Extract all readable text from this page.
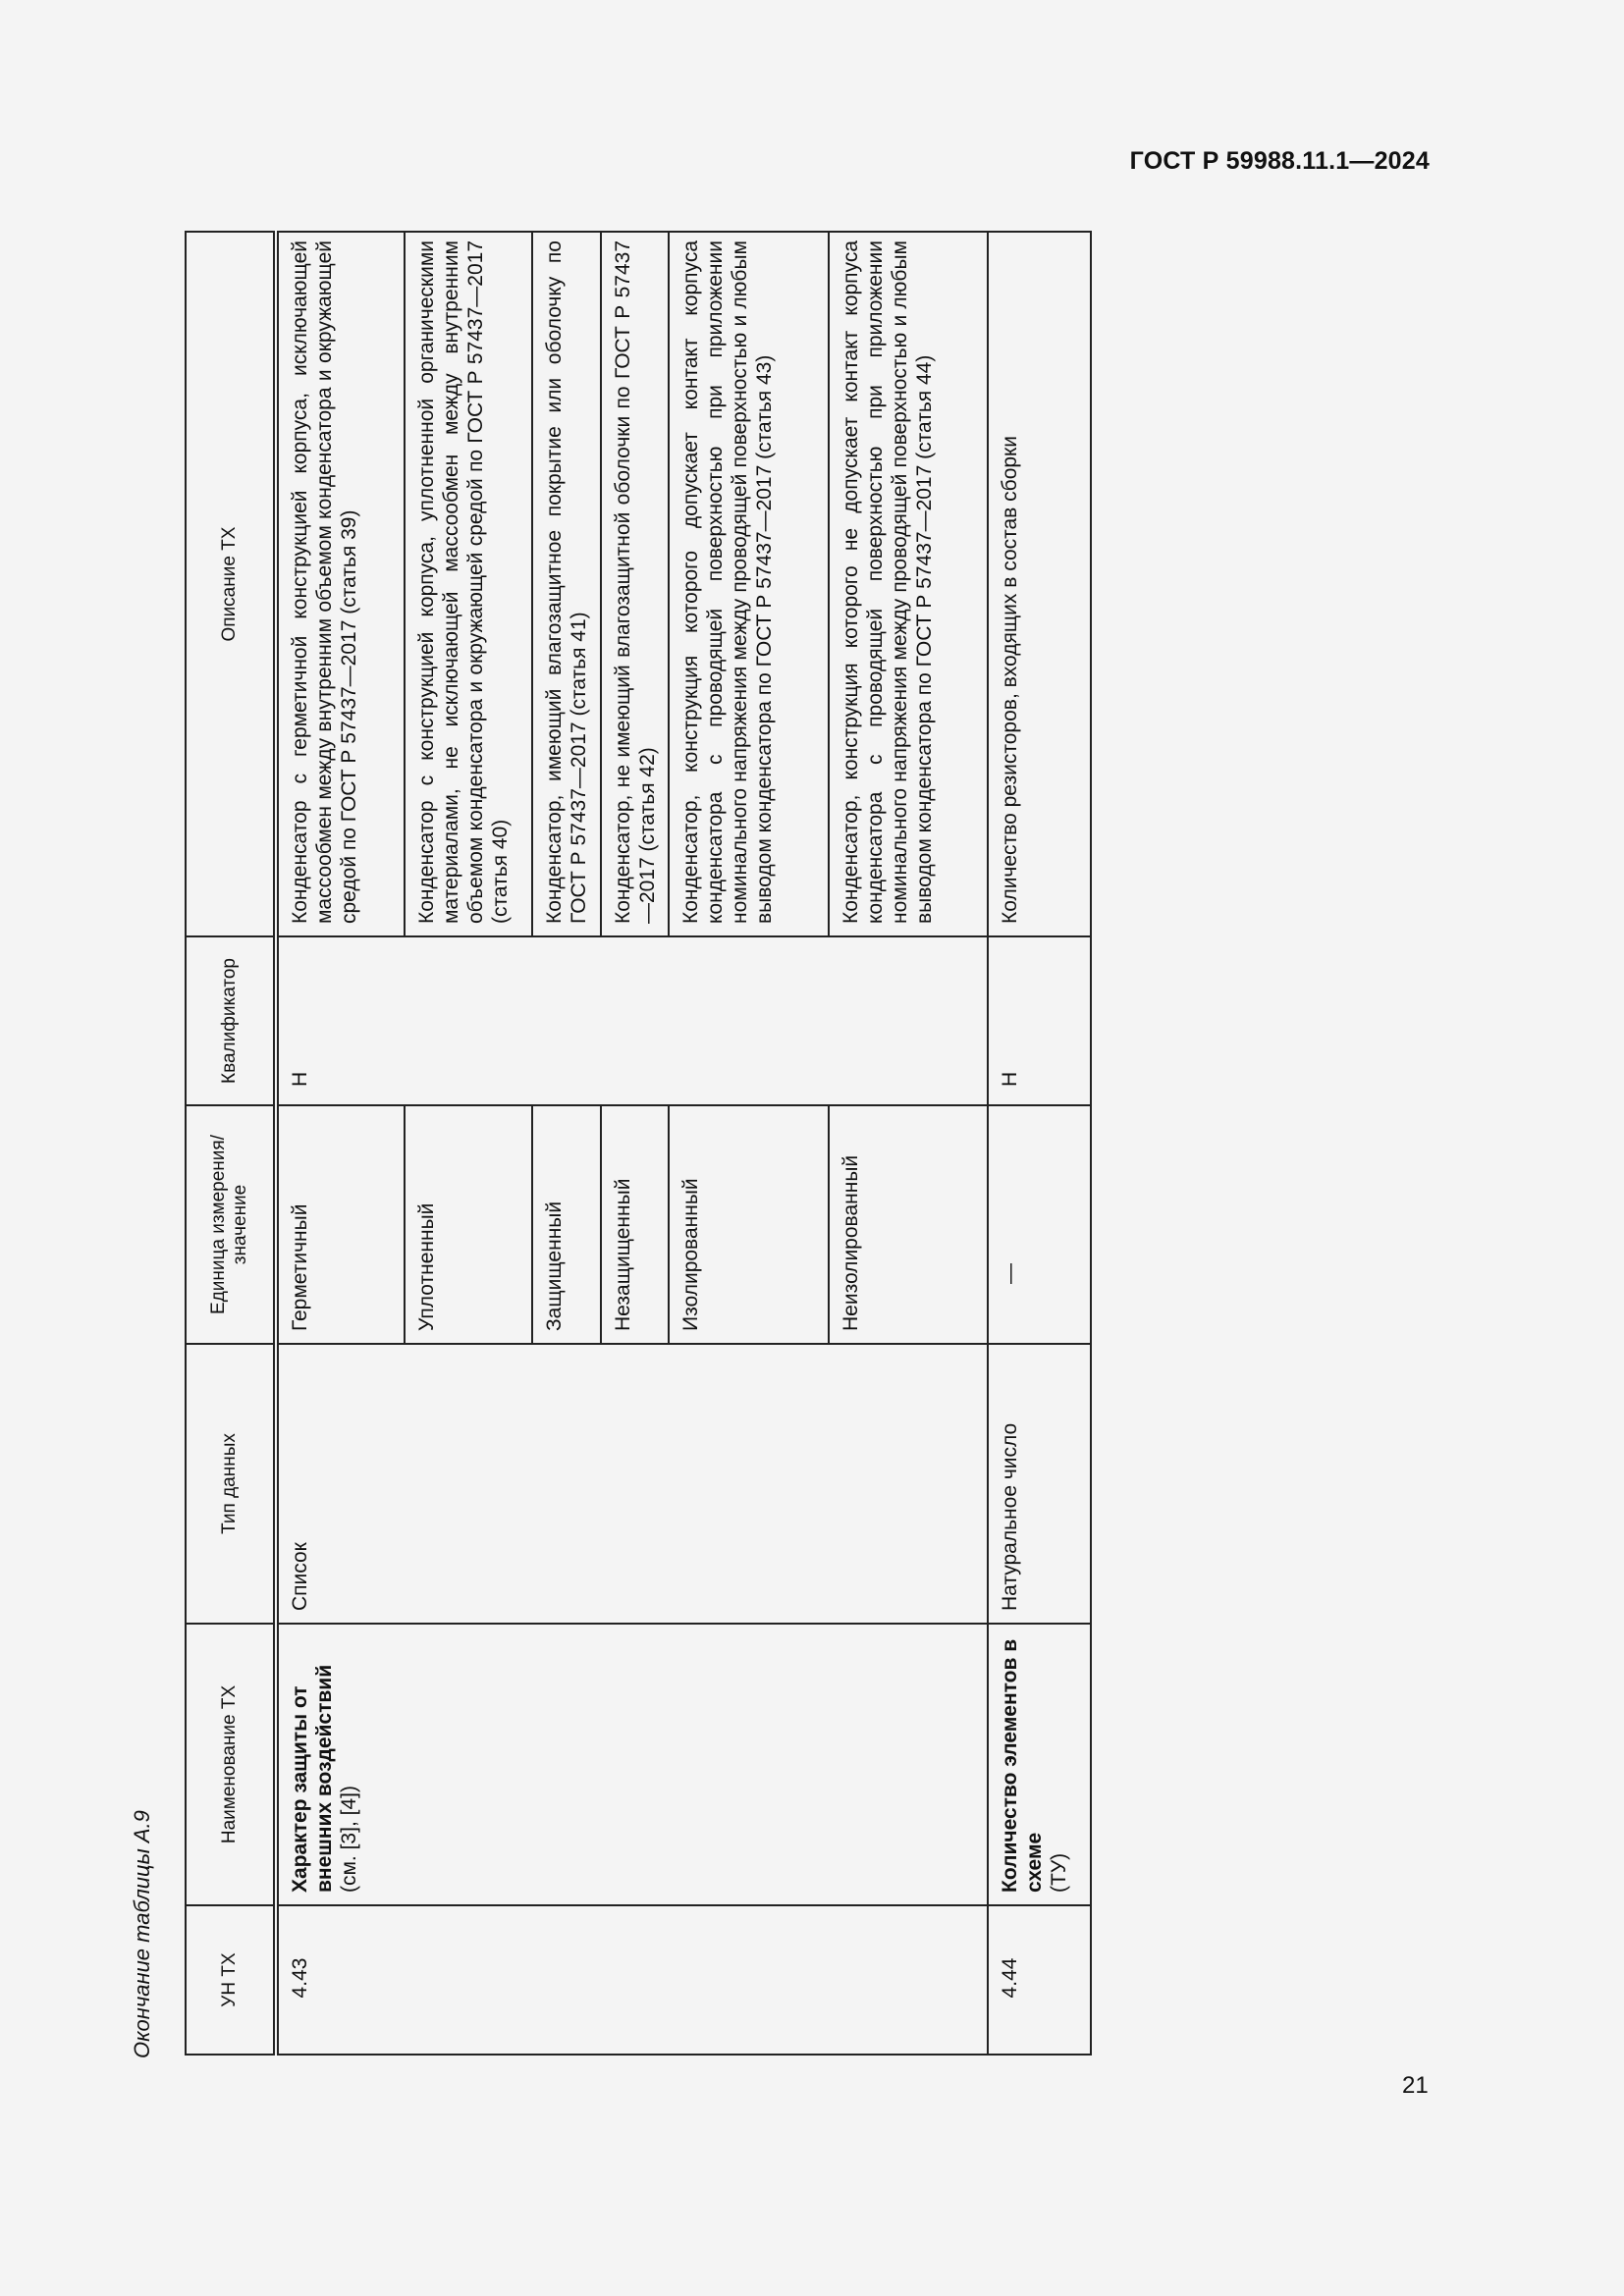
ГОСТ Р 59988.11.1—2024
Окончание таблицы А.9	УН ТХ	Наименование ТХ	Тип данных	Единица измерения/ значение	Квалификатор	Описание ТХ
4.43	Характер защиты от внешних воздействий (см. [3], [4])	Список	Герметичный	Н	Конденсатор с герметичной конструкцией корпуса, исключающей массообмен между внутренним объемом конденсатора и окружающей средой по ГОСТ Р 57437—2017 (статья 39)
			Уплотненный		Конденсатор с конструкцией корпуса, уплотненной органическими материалами, не исключающей массообмен между внутренним объемом конденсатора и окружающей средой по ГОСТ Р 57437—2017 (статья 40)
			Защищенный		Конденсатор, имеющий влагозащитное покрытие или оболочку по ГОСТ Р 57437—2017 (статья 41)
			Незащищенный		Конденсатор, не имеющий влагозащитной оболочки по ГОСТ Р 57437—2017 (статья 42)
			Изолированный		Конденсатор, конструкция которого допускает контакт корпуса конденсатора с проводящей поверхностью при приложении номинального напряжения между проводящей поверхностью и любым выводом конденсатора по ГОСТ Р 57437—2017 (статья 43)
			Неизолированный		Конденсатор, конструкция которого не допускает контакт корпуса конденсатора с проводящей поверхностью при приложении номинального напряжения между проводящей поверхностью и любым выводом конденсатора по ГОСТ Р 57437—2017 (статья 44)
4.44	Количество элементов в схеме (ТУ)	Натуральное число	—	Н	Количество резисторов, входящих в состав сборки
21
